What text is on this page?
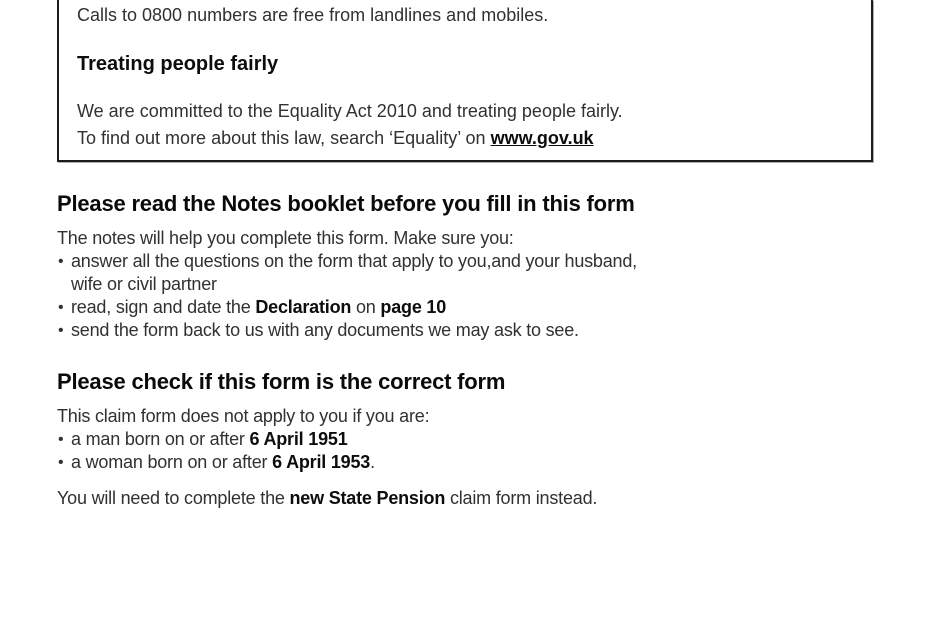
Calls to 0800 numbers are free from landlines and mobiles.

Treating people fairly

We are committed to the Equality Act 2010 and treating people fairly.
To find out more about this law, search ‘Equality’ on www.gov.uk

Please read the Notes booklet before you fill in this form

The notes will help you complete this form. Make sure you:

• answer all the questions on the form that apply to you,and your husband,
wife or civil partner
• read, sign and date the Declaration on page 10
• send the form back to us with any documents we may ask to see.
Please check if this form is the correct form

This claim form does not apply to you if you are:

• a man born on or after 6 April 1951
• a woman born on or after 6 April 1953.

You will need to complete the new State Pension claim form instead.
